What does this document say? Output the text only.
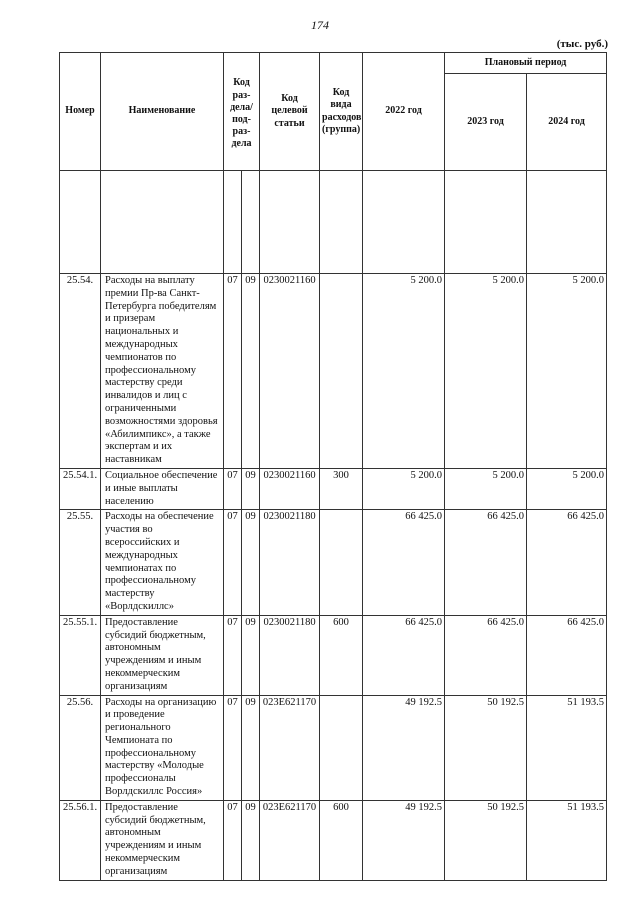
174
(тыс. руб.)
Номер	Наименование	Код раз-дела/ под-раз-дела		Код целевой статьи	Код вида расходов (группа)	2022 год	Плановый период	
							2023 год	2024 год

25.54.	Расходы на выплату премии Пр-ва Санкт-Петербурга победителям и призерам национальных и международных чемпионатов по профессиональному мастерству среди инвалидов и лиц с ограниченными возможностями здоровья «Абилимпикс», а также экспертам и их наставникам	07	09	0230021160		5 200.0	5 200.0	5 200.0
25.54.1.	Социальное обеспечение и иные выплаты населению	07	09	0230021160	300	5 200.0	5 200.0	5 200.0
25.55.	Расходы на обеспечение участия во всероссийских и международных чемпионатах по профессиональному мастерству «Ворлдскиллс»	07	09	0230021180		66 425.0	66 425.0	66 425.0
25.55.1.	Предоставление субсидий бюджетным, автономным учреждениям и иным некоммерческим организациям	07	09	0230021180	600	66 425.0	66 425.0	66 425.0
25.56.	Расходы на организацию и проведение регионального Чемпионата по профессиональному мастерству «Молодые профессионалы Ворлдскиллс Россия»	07	09	023Е621170		49 192.5	50 192.5	51 193.5
25.56.1.	Предоставление субсидий бюджетным, автономным учреждениям и иным некоммерческим организациям	07	09	023Е621170	600	49 192.5	50 192.5	51 193.5
